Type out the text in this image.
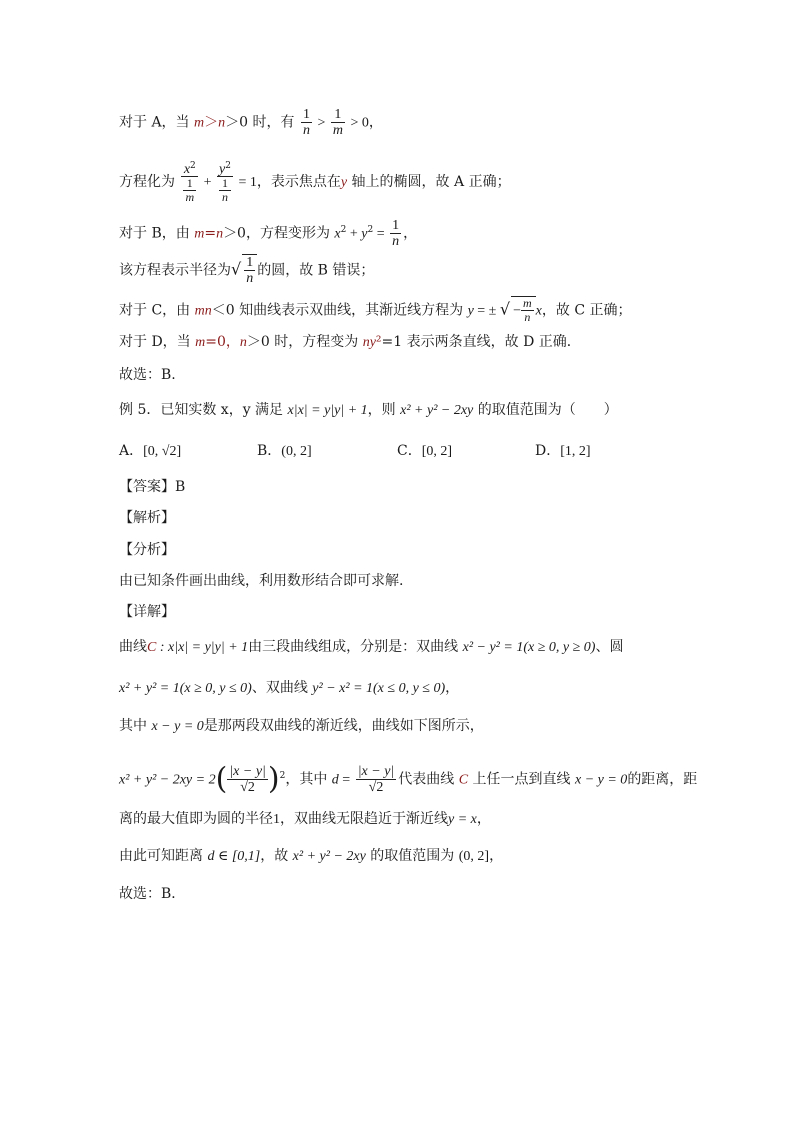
对于 A，当 m＞n＞0 时，有 $\frac{1}{n} > \frac{1}{m} > 0$，
方程化为 $x^2$
1
$m + y^2$
1
n = 1，表示焦点在y 轴上的椭圆，故 A 正确；
对于 B，由 m=n＞0，方程变形为 $x^2 + y^2 = \frac{1}{n}$ ，
该方程表示半径为√ $\frac{1}{n}$ 的圆，故 B 错误；
对于 C，由 mn＜0 知曲线表示双曲线，其渐近线方程为 y = ± √ − $\frac{m}{n}$ x，故 C 正确；
对于 D，当 m=0，n＞0 时，方程变为 ny²=1 表示两条直线，故 D 正确．
故选：B.
例 5．已知实数 x，y 满足 x|x| = y|y| + 1，则 x² + y² − 2xy 的取值范围为（　　）
A．[0, √2]	B．(0, 2]	C．[0, 2]	D．[1, 2]
【答案】B
【解析】
【分析】
由已知条件画出曲线，利用数形结合即可求解.
【详解】
曲线C : x|x| = y|y| + 1由三段曲线组成，分别是：双曲线 x² − y² = 1(x ≥ 0, y ≥ 0)、圆
x² + y² = 1(x ≥ 0, y ≤ 0)、双曲线 y² − x² = 1(x ≤ 0, y ≤ 0)，
其中 x − y = 0是那两段双曲线的渐近线，曲线如下图所示，
$x^2 + y^2 - 2xy = 2( \frac{|x - y|}{√2} )^2$，其中 $d = \frac{|x - y|}{√2}$ 代表曲线 C 上任一点到直线 x − y = 0的距离，距
离的最大值即为圆的半径1，双曲线无限趋近于渐近线y = x，
由此可知距离 d ∈ [0,1]，故 x² + y² − 2xy 的取值范围为 (0, 2]，
故选：B．
